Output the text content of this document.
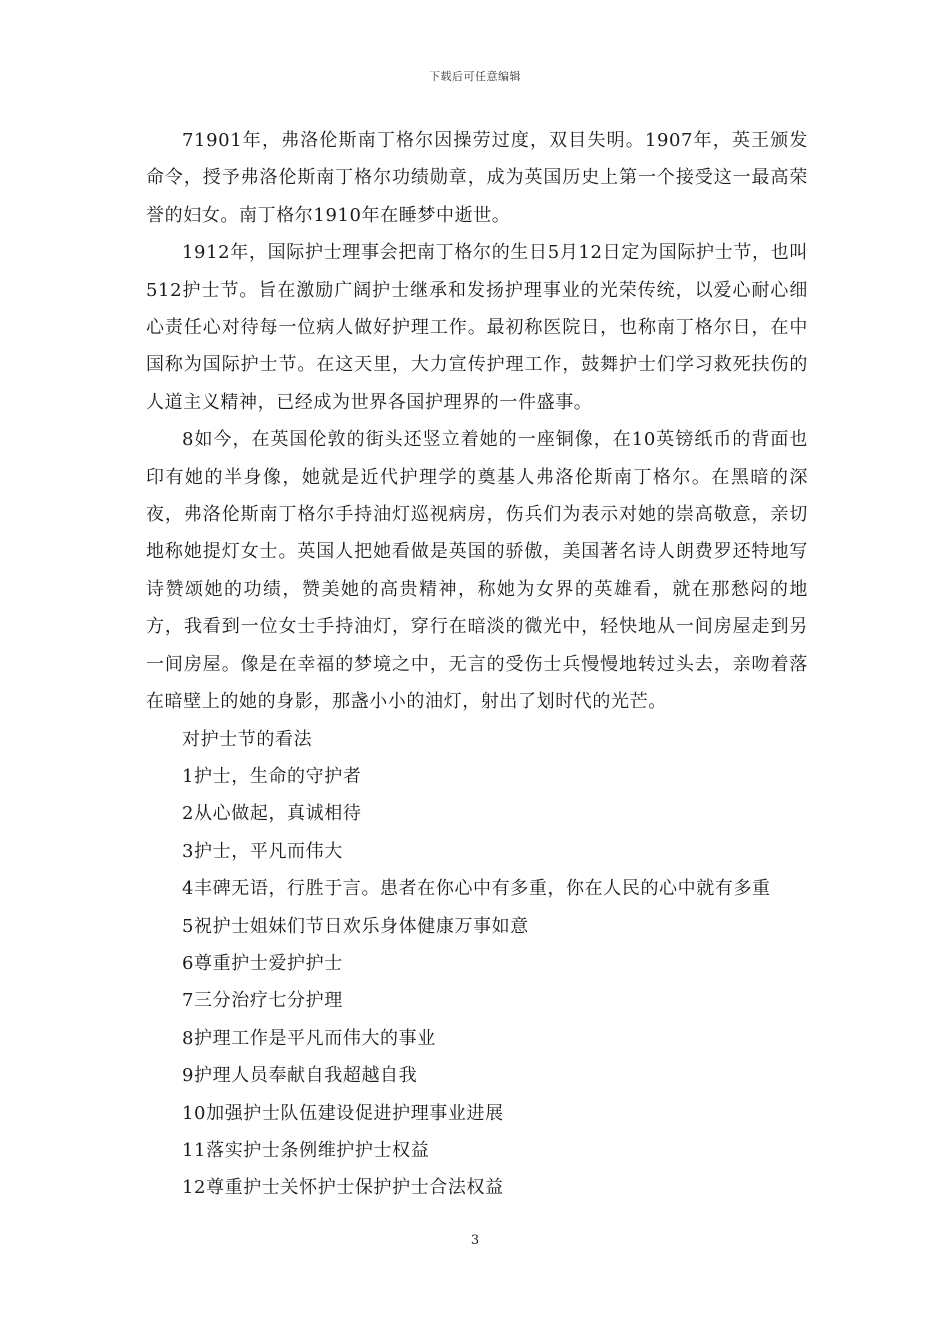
下载后可任意编辑

71901年，弗洛伦斯南丁格尔因操劳过度，双目失明。1907年，英王颁发命令，授予弗洛伦斯南丁格尔功绩勋章，成为英国历史上第一个接受这一最高荣誉的妇女。南丁格尔1910年在睡梦中逝世。

1912年，国际护士理事会把南丁格尔的生日5月12日定为国际护士节，也叫512护士节。旨在激励广阔护士继承和发扬护理事业的光荣传统，以爱心耐心细心责任心对待每一位病人做好护理工作。最初称医院日，也称南丁格尔日，在中国称为国际护士节。在这天里，大力宣传护理工作，鼓舞护士们学习救死扶伤的人道主义精神，已经成为世界各国护理界的一件盛事。

8如今，在英国伦敦的街头还竖立着她的一座铜像，在10英镑纸币的背面也印有她的半身像，她就是近代护理学的奠基人弗洛伦斯南丁格尔。在黑暗的深夜，弗洛伦斯南丁格尔手持油灯巡视病房，伤兵们为表示对她的崇高敬意，亲切地称她提灯女士。英国人把她看做是英国的骄傲，美国著名诗人朗费罗还特地写诗赞颂她的功绩，赞美她的高贵精神，称她为女界的英雄看，就在那愁闷的地方，我看到一位女士手持油灯，穿行在暗淡的微光中，轻快地从一间房屋走到另一间房屋。像是在幸福的梦境之中，无言的受伤士兵慢慢地转过头去，亲吻着落在暗壁上的她的身影，那盏小小的油灯，射出了划时代的光芒。

对护士节的看法

1护士，生命的守护者

2从心做起，真诚相待

3护士，平凡而伟大

4丰碑无语，行胜于言。患者在你心中有多重，你在人民的心中就有多重

5祝护士姐妹们节日欢乐身体健康万事如意

6尊重护士爱护护士

7三分治疗七分护理

8护理工作是平凡而伟大的事业

9护理人员奉献自我超越自我

10加强护士队伍建设促进护理事业进展

11落实护士条例维护护士权益

12尊重护士关怀护士保护护士合法权益

3
